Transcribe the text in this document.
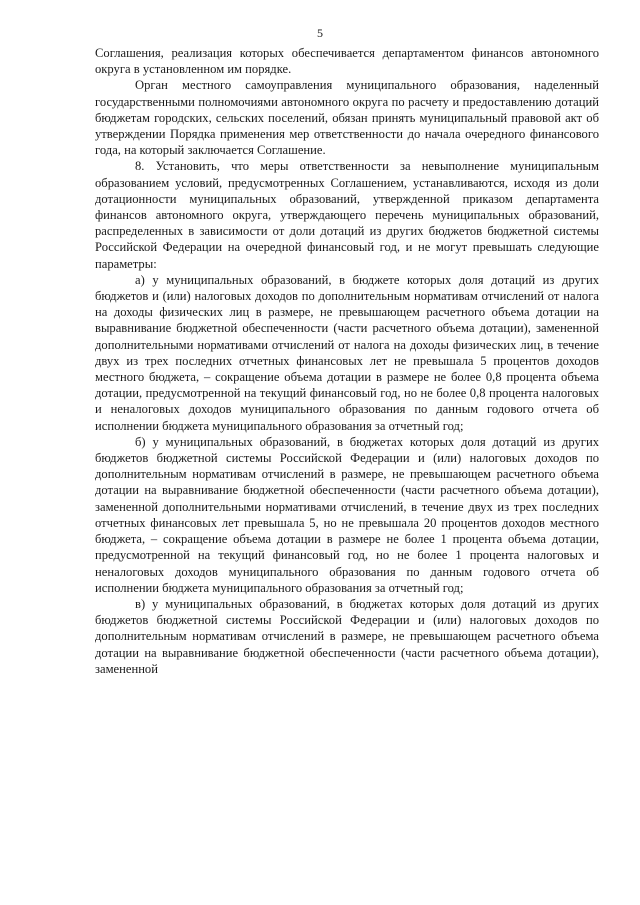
5

Соглашения, реализация которых обеспечивается департаментом финансов автономного округа в установленном им порядке.

Орган местного самоуправления муниципального образования, наделенный государственными полномочиями автономного округа по расчету и предоставлению дотаций бюджетам городских, сельских поселений, обязан принять муниципальный правовой акт об утверждении Порядка применения мер ответственности до начала очередного финансового года, на который заключается Соглашение.

8. Установить, что меры ответственности за невыполнение муниципальным образованием условий, предусмотренных Соглашением, устанавливаются, исходя из доли дотационности муниципальных образований, утвержденной приказом департамента финансов автономного округа, утверждающего перечень муниципальных образований, распределенных в зависимости от доли дотаций из других бюджетов бюджетной системы Российской Федерации на очередной финансовый год, и не могут превышать следующие параметры:

а) у муниципальных образований, в бюджете которых доля дотаций из других бюджетов и (или) налоговых доходов по дополнительным нормативам отчислений от налога на доходы физических лиц в размере, не превышающем расчетного объема дотации на выравнивание бюджетной обеспеченности (части расчетного объема дотации), замененной дополнительными нормативами отчислений от налога на доходы физических лиц, в течение двух из трех последних отчетных финансовых лет не превышала 5 процентов доходов местного бюджета, – сокращение объема дотации в размере не более 0,8 процента объема дотации, предусмотренной на текущий финансовый год, но не более 0,8 процента налоговых и неналоговых доходов муниципального образования по данным годового отчета об исполнении бюджета муниципального образования за отчетный год;

б) у муниципальных образований, в бюджетах которых доля дотаций из других бюджетов бюджетной системы Российской Федерации и (или) налоговых доходов по дополнительным нормативам отчислений в размере, не превышающем расчетного объема дотации на выравнивание бюджетной обеспеченности (части расчетного объема дотации), замененной дополнительными нормативами отчислений, в течение двух из трех последних отчетных финансовых лет превышала 5, но не превышала 20 процентов доходов местного бюджета, – сокращение объема дотации в размере не более 1 процента объема дотации, предусмотренной на текущий финансовый год, но не более 1 процента налоговых и неналоговых доходов муниципального образования по данным годового отчета об исполнении бюджета муниципального образования за отчетный год;

в) у муниципальных образований, в бюджетах которых доля дотаций из других бюджетов бюджетной системы Российской Федерации и (или) налоговых доходов по дополнительным нормативам отчислений в размере, не превышающем расчетного объема дотации на выравнивание бюджетной обеспеченности (части расчетного объема дотации), замененной
